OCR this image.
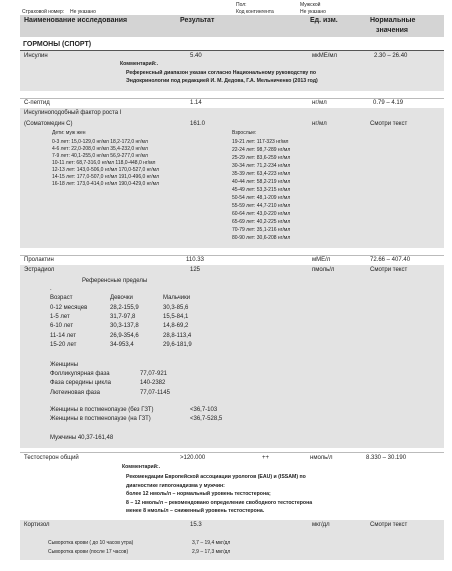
Пол:	Мужской
Страховой номер: Не указано	Код контингента	Не указано
Наименование исследования	Результат	Ед. изм.	Нормальные
значения
ГОРМОНЫ (СПОРТ)
Инсулин	5.40	мкМЕ/мл	2.30 – 26.40
Комментарий:.
Референсный диапазон указан согласно Национальному руководству по
Эндокринологии под редакцией И. М. Дедова, Г.А. Мельниченко (2013 год)
С-пептид	1.14	нг/мл	0.79 – 4.19
Инсулиноподобный фактор роста I
(Соматомедин С)	161.0	нг/мл	Смотри текст
Дети: муж жен
0-3 лет: 15,0-129,0 нг/мл 18,2-172,0 нг/мл
4-6 лет: 22,0-208,0 нг/мл 35,4-232,0 нг/мл
7-9 лет: 40,1-255,0 нг/мл 56,9-277,0 нг/мл
10-11 лет: 68,7-316,0 нг/мл 118,0-448,0 нг/мл
12-13 лет: 143,0-506,0 нг/мл 170,0-527,0 нг/мл
14-15 лет: 177,0-507,0 нг/мл 191,0-496,0 нг/мл
16-18 лет: 173,0-414,0 нг/мл 190,0-429,0 нг/мл
Взрослые:
19-21 лет: 117-323 нг/мл
22-24 лет: 98,7-289 нг/мл
25-29 лет: 83,6-259 нг/мл
30-34 лет: 71,2-234 нг/мл
35-39 лет: 63,4-223 нг/мл
40-44 лет: 58,2-219 нг/мл
45-49 лет: 53,3-215 нг/мл
50-54 лет: 48,1-209 нг/мл
55-59 лет: 44,7-210 нг/мл
60-64 лет: 43,0-220 нг/мл
65-69 лет: 40,2-225 нг/мл
70-79 лет: 35,1-216 нг/мл
80-90 лет: 30,6-208 нг/мл
Пролактин	110.33	мМЕ/л	72.66 – 407.40
Эстрадиол	125	пмоль/л	Смотри текст
Референсные пределы
.
Возраст	Девочки	Мальчики
0-12 месяцев	28,2-155,9	30,3-85,6
1-5 лет	31,7-97,8	15,5-84,1
6-10 лет	30,3-137,8	14,8-69,2
11-14 лет	26,9-354,6	28,8-113,4
15-20 лет	34-953,4	29,6-181,9
Женщины
Фолликулярная фаза	77,07-921
Фаза середины цикла	140-2382
Лютеиновая фаза	77,07-1145
Женщины в постменопаузе (без ГЗТ)	<36,7-103
Женщины в постменопаузе (на ГЗТ)	<36,7-528,5
Мужчины 40,37-161,48
Тестостерон общий	>120.000	++	нмоль/л	8.330 – 30.190
Комментарий:.
Рекомендации Европейской ассоциации урологов (EAU) и (ISSAM) по
диагностике гипогонадизма у мужчин:
более 12 нмоль/л – нормальный уровень тестостерона;
8 – 12 нмоль/л – рекомендовано определение свободного тестостерона
менее 8 нмоль/л – сниженный уровень тестостерона.
Кортизол	15.3	мкг/дл	Смотри текст
Сыворотка крови ( до 10 часов утра)	3,7 – 19,4 мкг/дл
Сыворотка крови (после 17 часов)	2,9 – 17,3 мкг/дл
